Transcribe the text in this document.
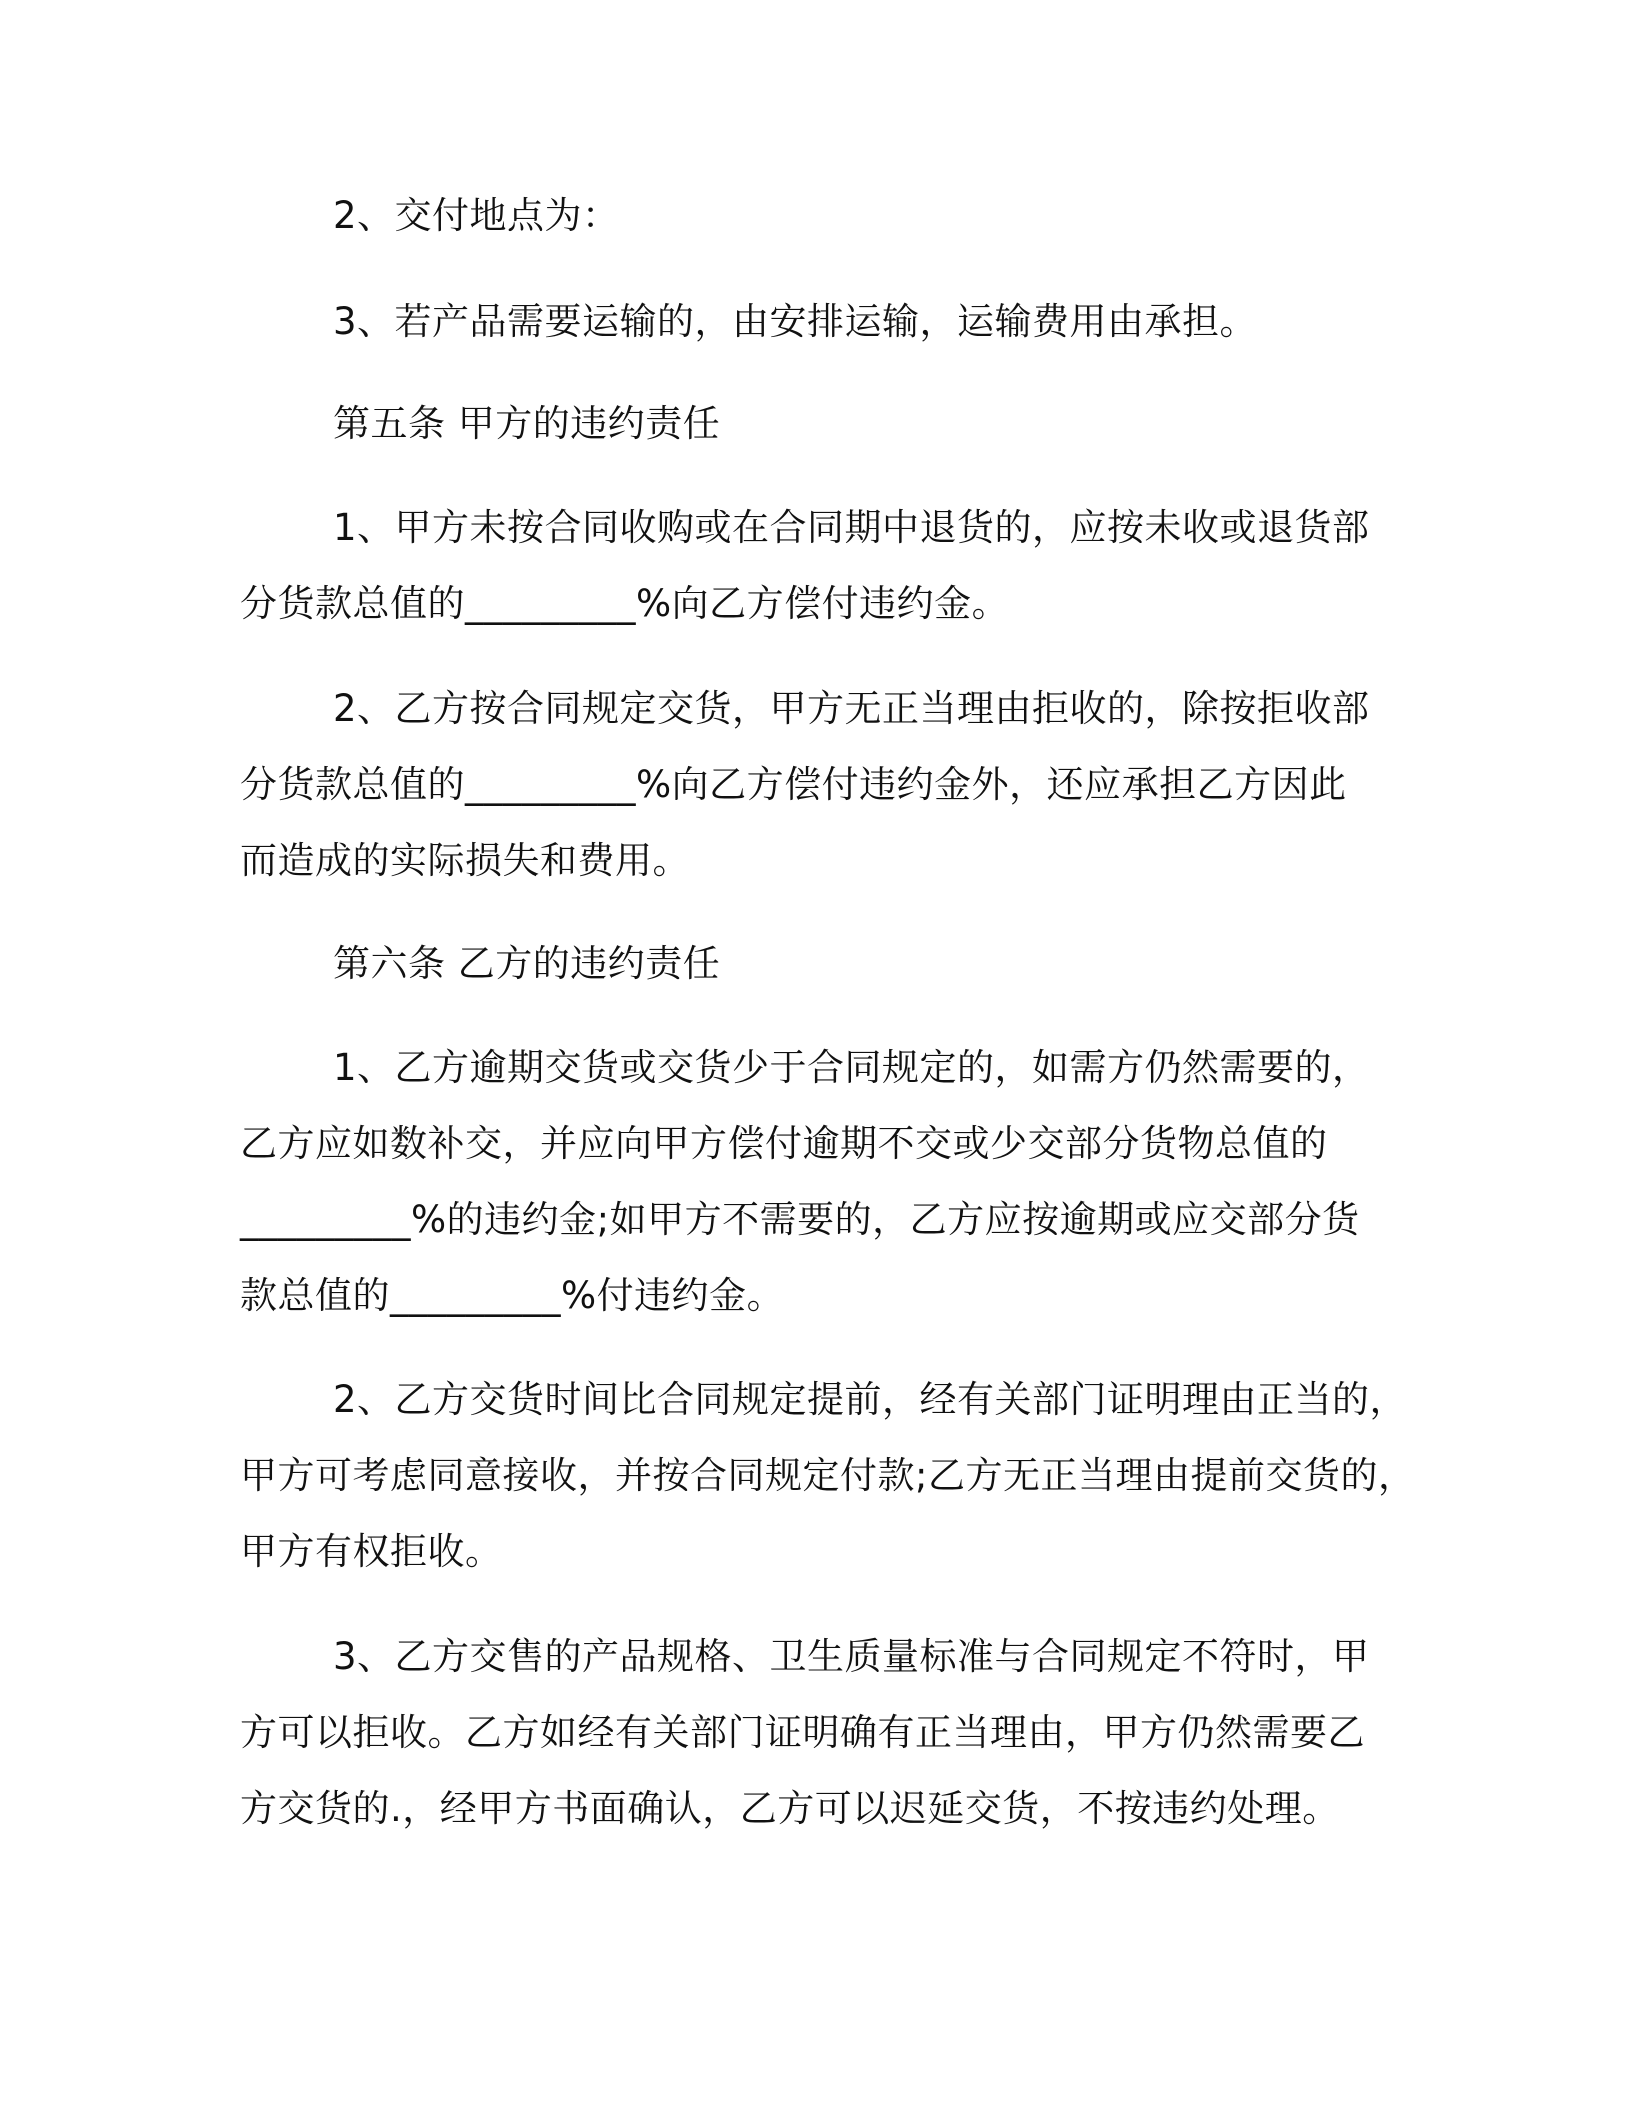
2、交付地点为：
3、若产品需要运输的，由安排运输，运输费用由承担。
第五条 甲方的违约责任
1、甲方未按合同收购或在合同期中退货的，应按未收或退货部
分货款总值的_________%向乙方偿付违约金。
2、乙方按合同规定交货，甲方无正当理由拒收的，除按拒收部
分货款总值的_________%向乙方偿付违约金外，还应承担乙方因此
而造成的实际损失和费用。
第六条 乙方的违约责任
1、乙方逾期交货或交货少于合同规定的，如需方仍然需要的，
乙方应如数补交，并应向甲方偿付逾期不交或少交部分货物总值的
_________%的违约金;如甲方不需要的，乙方应按逾期或应交部分货
款总值的_________%付违约金。
2、乙方交货时间比合同规定提前，经有关部门证明理由正当的，
甲方可考虑同意接收，并按合同规定付款;乙方无正当理由提前交货的，
甲方有权拒收。
3、乙方交售的产品规格、卫生质量标准与合同规定不符时，甲
方可以拒收。乙方如经有关部门证明确有正当理由，甲方仍然需要乙
方交货的.，经甲方书面确认，乙方可以迟延交货，不按违约处理。
